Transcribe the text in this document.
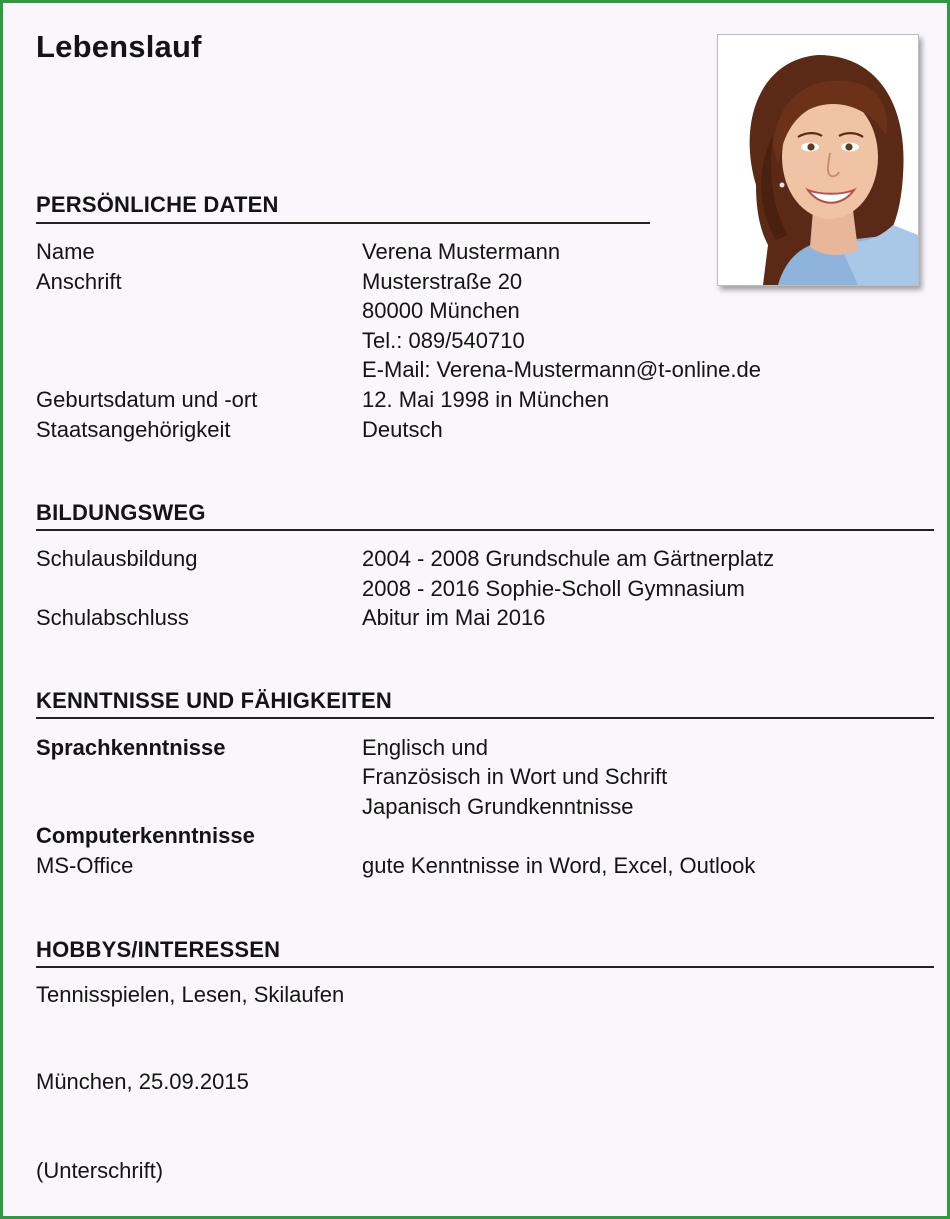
Lebenslauf
PERSÖNLICHE DATEN
Name	Verena Mustermann
Anschrift	Musterstraße 20
80000 München
Tel.: 089/540710
E-Mail: Verena-Mustermann@t-online.de
Geburtsdatum und -ort	12. Mai 1998 in München
Staatsangehörigkeit	Deutsch
BILDUNGSWEG
Schulausbildung	2004 - 2008 Grundschule am Gärtnerplatz
2008 - 2016 Sophie-Scholl Gymnasium
Schulabschluss	Abitur im Mai 2016
KENNTNISSE UND FÄHIGKEITEN
Sprachkenntnisse	Englisch und
Französisch in Wort und Schrift
Japanisch Grundkenntnisse
Computerkenntnisse
MS-Office	gute Kenntnisse in Word, Excel, Outlook
HOBBYS/INTERESSEN
Tennisspielen, Lesen, Skilaufen
München, 25.09.2015
(Unterschrift)
